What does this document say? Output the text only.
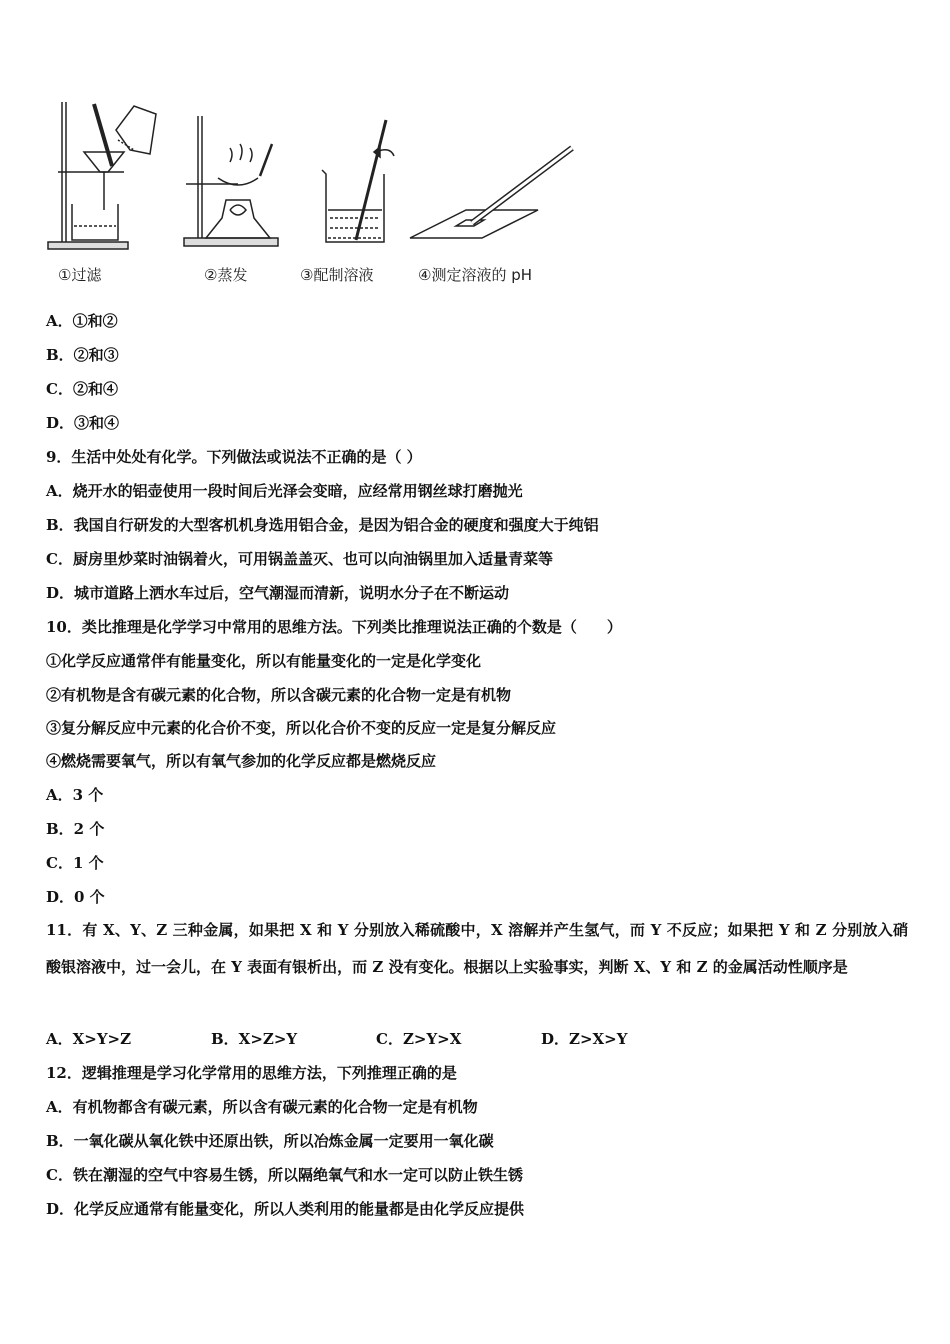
①过滤	②蒸发	③配制溶液	④测定溶液的 pH
A．①和②
B．②和③
C．②和④
D．③和④
9．生活中处处有化学。下列做法或说法不正确的是（ ）
A．烧开水的铝壶使用一段时间后光泽会变暗，应经常用钢丝球打磨抛光
B．我国自行研发的大型客机机身选用铝合金，是因为铝合金的硬度和强度大于纯铝
C．厨房里炒菜时油锅着火，可用锅盖盖灭、也可以向油锅里加入适量青菜等
D．城市道路上洒水车过后，空气潮湿而清新，说明水分子在不断运动
10．类比推理是化学学习中常用的思维方法。下列类比推理说法正确的个数是（　　）
①化学反应通常伴有能量变化，所以有能量变化的一定是化学变化
②有机物是含有碳元素的化合物，所以含碳元素的化合物一定是有机物
③复分解反应中元素的化合价不变，所以化合价不变的反应一定是复分解反应
④燃烧需要氧气，所以有氧气参加的化学反应都是燃烧反应
A．3 个
B．2 个
C．1 个
D．0 个
11．有 X、Y、Z 三种金属，如果把 X 和 Y 分别放入稀硫酸中，X 溶解并产生氢气，而 Y 不反应；如果把 Y 和 Z 分别放入硝酸银溶液中，过一会儿，在 Y 表面有银析出，而 Z 没有变化。根据以上实验事实，判断 X、Y 和 Z 的金属活动性顺序是
A．X>Y>Z	B．X>Z>Y	C．Z>Y>X	D．Z>X>Y
12．逻辑推理是学习化学常用的思维方法，下列推理正确的是
A．有机物都含有碳元素，所以含有碳元素的化合物一定是有机物
B．一氧化碳从氧化铁中还原出铁，所以冶炼金属一定要用一氧化碳
C．铁在潮湿的空气中容易生锈，所以隔绝氧气和水一定可以防止铁生锈
D．化学反应通常有能量变化，所以人类利用的能量都是由化学反应提供
